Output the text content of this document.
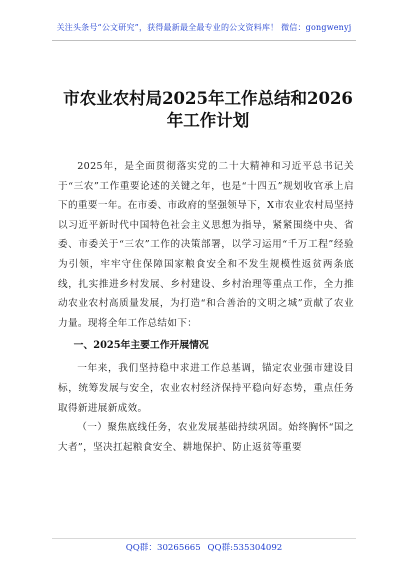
关注头条号“公文研究”，获得最新最全最专业的公文资料库！ 微信：gongwenyj
市农业农村局2025年工作总结和2026年工作计划

2025年，是全面贯彻落实党的二十大精神和习近平总书记关于“三农”工作重要论述的关键之年，也是“十四五”规划收官承上启下的重要一年。在市委、市政府的坚强领导下，X市农业农村局坚持以习近平新时代中国特色社会主义思想为指导，紧紧围绕中央、省委、市委关于“三农”工作的决策部署，以学习运用“千万工程”经验为引领，牢牢守住保障国家粮食安全和不发生规模性返贫两条底线，扎实推进乡村发展、乡村建设、乡村治理等重点工作，全力推动农业农村高质量发展，为打造“和合善治的文明之城”贡献了农业力量。现将全年工作总结如下：

一、2025年主要工作开展情况

一年来，我们坚持稳中求进工作总基调，锚定农业强市建设目标，统筹发展与安全，农业农村经济保持平稳向好态势，重点任务取得新进展新成效。

（一）聚焦底线任务，农业发展基础持续巩固。始终胸怀“国之大者”，坚决扛起粮食安全、耕地保护、防止返贫等重要

QQ群：30265665 QQ群:535304092
